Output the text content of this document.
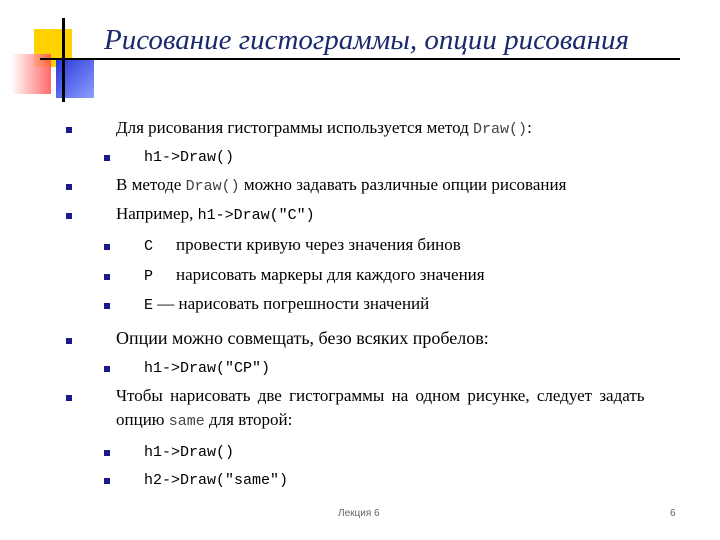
Рисование гистограммы, опции рисования
Для рисования гистограммы используется метод Draw():
h1->Draw()
В методе Draw() можно задавать различные опции рисования
Например, h1->Draw("C")
C провести кривую через значения бинов
P нарисовать маркеры для каждого значения
E — нарисовать погрешности значений
Опции можно совмещать, безо всяких пробелов:
h1->Draw("CP")
Чтобы нарисовать две гистограммы на одном рисунке, следует задать
опцию same для второй:
h1->Draw()
h2->Draw("same")
Лекция 6	6
